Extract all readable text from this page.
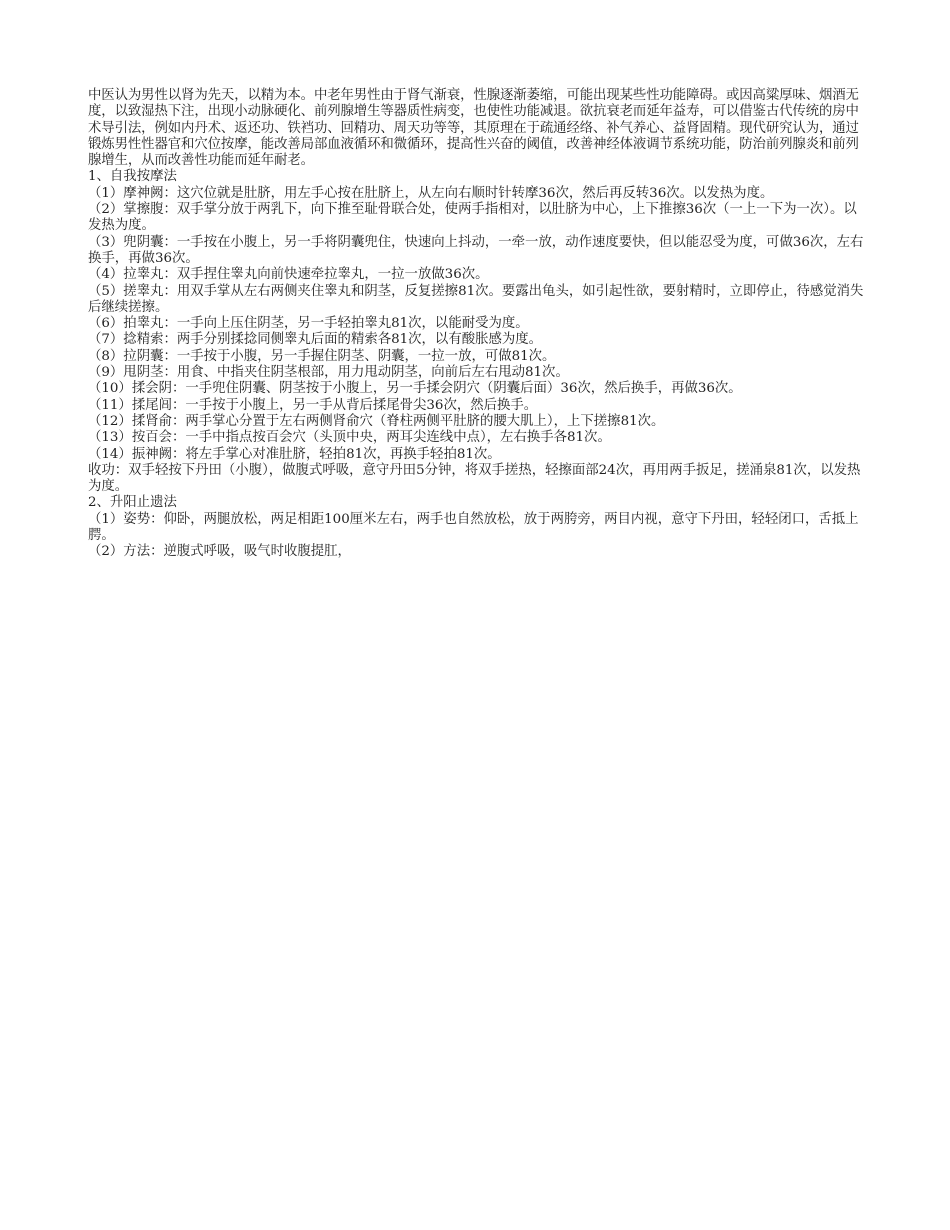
中医认为男性以肾为先天，以精为本。中老年男性由于肾气渐衰，性腺逐渐萎缩，可能出现某些性功能障碍。或因高粱厚味、烟酒无度，以致湿热下注，出现小动脉硬化、前列腺增生等器质性病变，也使性功能减退。欲抗衰老而延年益寿，可以借鉴古代传统的房中术导引法，例如内丹术、返还功、铁裆功、回精功、周天功等等，其原理在于疏通经络、补气养心、益肾固精。现代研究认为，通过锻炼男性性器官和穴位按摩，能改善局部血液循环和微循环，提高性兴奋的阈值，改善神经体液调节系统功能，防治前列腺炎和前列腺增生，从而改善性功能而延年耐老。

1、自我按摩法

（1）摩神阙：这穴位就是肚脐，用左手心按在肚脐上，从左向右顺时针转摩36次，然后再反转36次。以发热为度。

（2）掌擦腹：双手掌分放于两乳下，向下推至耻骨联合处，使两手指相对，以肚脐为中心，上下推擦36次（一上一下为一次）。以发热为度。

（3）兜阴囊：一手按在小腹上，另一手将阴囊兜住，快速向上抖动，一牵一放，动作速度要快，但以能忍受为度，可做36次，左右换手，再做36次。

（4）拉睾丸：双手捏住睾丸向前快速牵拉睾丸，一拉一放做36次。

（5）搓睾丸：用双手掌从左右两侧夹住睾丸和阴茎，反复搓擦81次。要露出龟头，如引起性欲，要射精时，立即停止，待感觉消失后继续搓擦。

（6）拍睾丸：一手向上压住阴茎，另一手轻拍睾丸81次，以能耐受为度。

（7）捻精索：两手分别揉捻同侧睾丸后面的精索各81次，以有酸胀感为度。

（8）拉阴囊：一手按于小腹，另一手握住阴茎、阴囊，一拉一放，可做81次。

（9）甩阴茎：用食、中指夹住阴茎根部，用力甩动阴茎，向前后左右甩动81次。

（10）揉会阴：一手兜住阴囊、阴茎按于小腹上，另一手揉会阴穴（阴囊后面）36次，然后换手，再做36次。

（11）揉尾闾：一手按于小腹上，另一手从背后揉尾骨尖36次，然后换手。

（12）揉肾俞：两手掌心分置于左右两侧肾俞穴（脊柱两侧平肚脐的腰大肌上），上下搓擦81次。

（13）按百会：一手中指点按百会穴（头顶中央，两耳尖连线中点），左右换手各81次。

（14）振神阙：将左手掌心对准肚脐，轻拍81次，再换手轻拍81次。

收功：双手轻按下丹田（小腹），做腹式呼吸，意守丹田5分钟，将双手搓热，轻擦面部24次，再用两手扳足，搓涌泉81次，以发热为度。

2、升阳止遗法

（1）姿势：仰卧，两腿放松，两足相距100厘米左右，两手也自然放松，放于两胯旁，两目内视，意守下丹田，轻轻闭口，舌抵上腭。

（2）方法：逆腹式呼吸，吸气时收腹提肛，
